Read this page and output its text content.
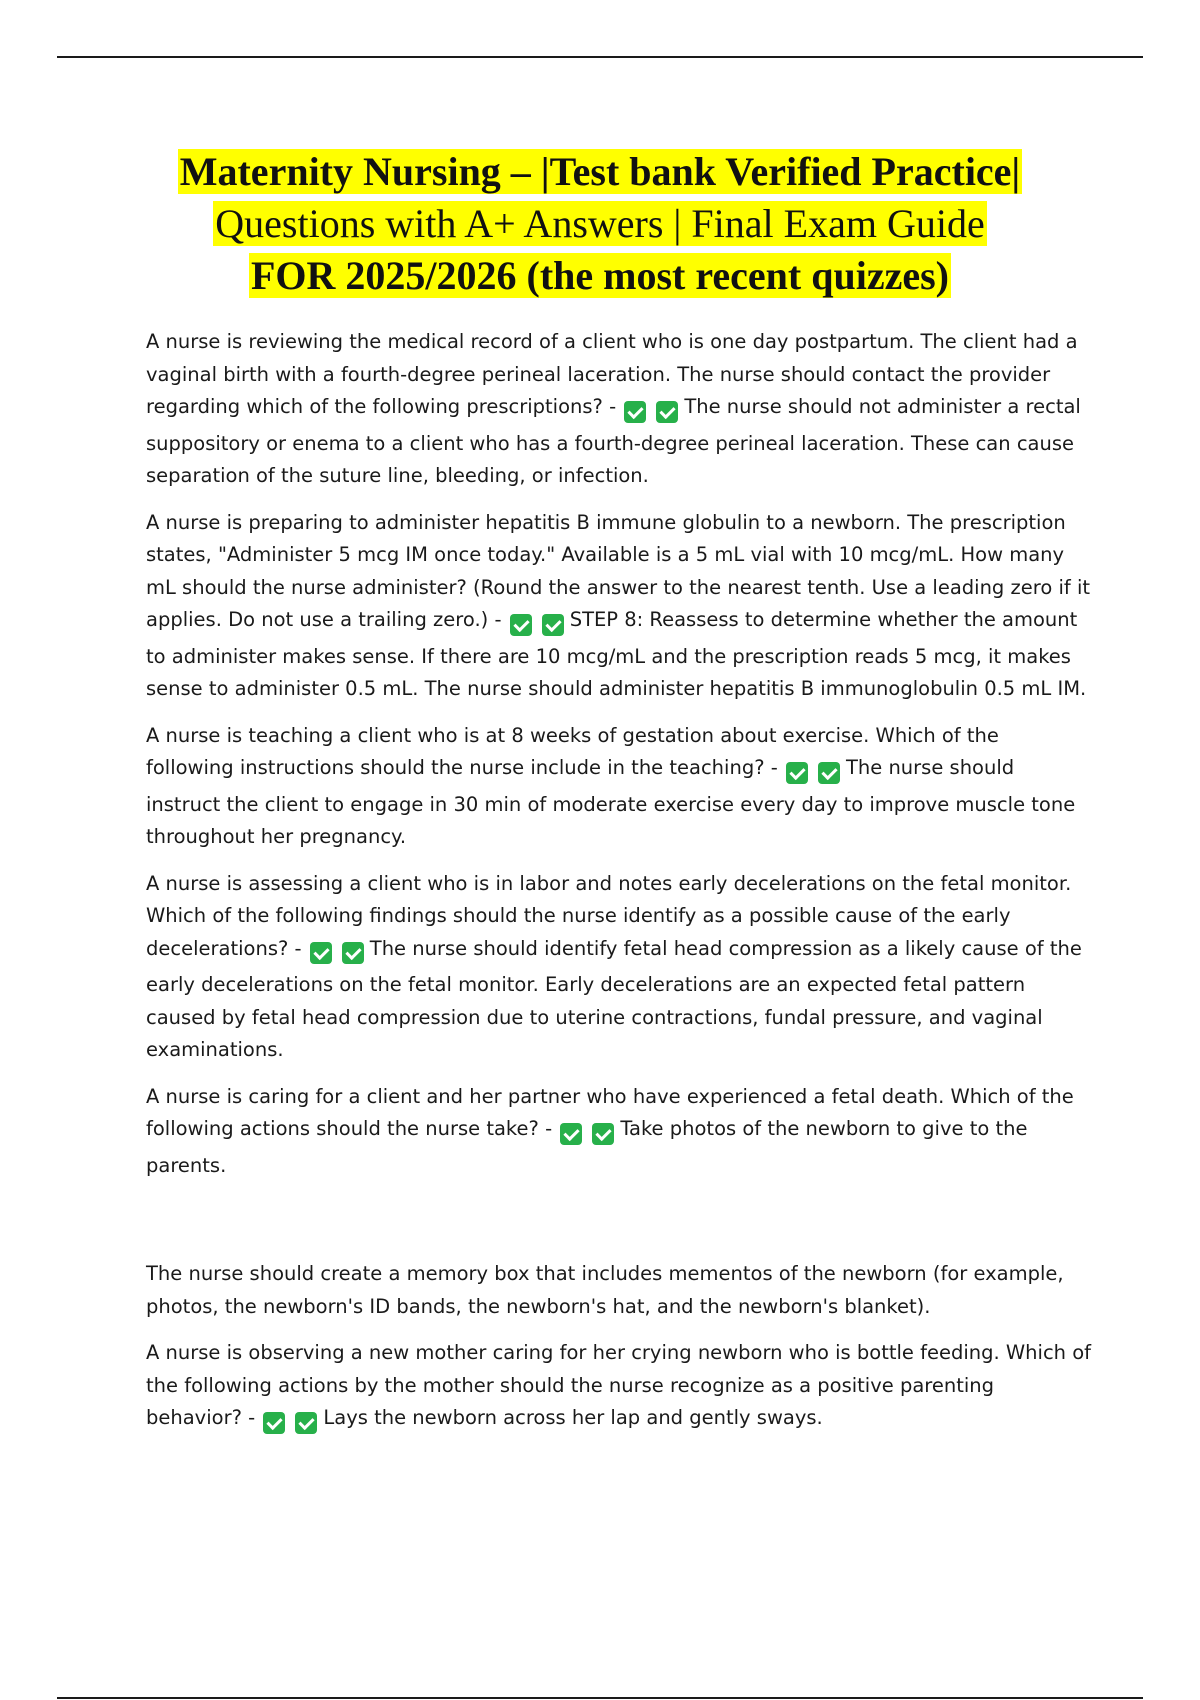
Maternity Nursing – |Test bank Verified Practice|
Questions with A+ Answers | Final Exam Guide
FOR 2025/2026 (the most recent quizzes)

A nurse is reviewing the medical record of a client who is one day postpartum. The client had a vaginal birth with a fourth-degree perineal laceration. The nurse should contact the provider regarding which of the following prescriptions? -	The nurse should not administer a rectal suppository or enema to a client who has a fourth-degree perineal laceration. These can cause separation of the suture line, bleeding, or infection.

A nurse is preparing to administer hepatitis B immune globulin to a newborn. The prescription states, "Administer 5 mcg IM once today." Available is a 5 mL vial with 10 mcg/mL. How many mL should the nurse administer? (Round the answer to the nearest tenth. Use a leading zero if it applies. Do not use a trailing zero.) -	STEP 8: Reassess to determine whether the amount to administer makes sense. If there are 10 mcg/mL and the prescription reads 5 mcg, it makes sense to administer 0.5 mL. The nurse should administer hepatitis B immunoglobulin 0.5 mL IM.

A nurse is teaching a client who is at 8 weeks of gestation about exercise. Which of the following instructions should the nurse include in the teaching? -	The nurse should instruct the client to engage in 30 min of moderate exercise every day to improve muscle tone throughout her pregnancy.

A nurse is assessing a client who is in labor and notes early decelerations on the fetal monitor. Which of the following findings should the nurse identify as a possible cause of the early decelerations? -	The nurse should identify fetal head compression as a likely cause of the early decelerations on the fetal monitor. Early decelerations are an expected fetal pattern caused by fetal head compression due to uterine contractions, fundal pressure, and vaginal examinations.

A nurse is caring for a client and her partner who have experienced a fetal death. Which of the following actions should the nurse take? -	Take photos of the newborn to give to the parents.

The nurse should create a memory box that includes mementos of the newborn (for example, photos, the newborn's ID bands, the newborn's hat, and the newborn's blanket).

A nurse is observing a new mother caring for her crying newborn who is bottle feeding. Which of the following actions by the mother should the nurse recognize as a positive parenting behavior? -	Lays the newborn across her lap and gently sways.
